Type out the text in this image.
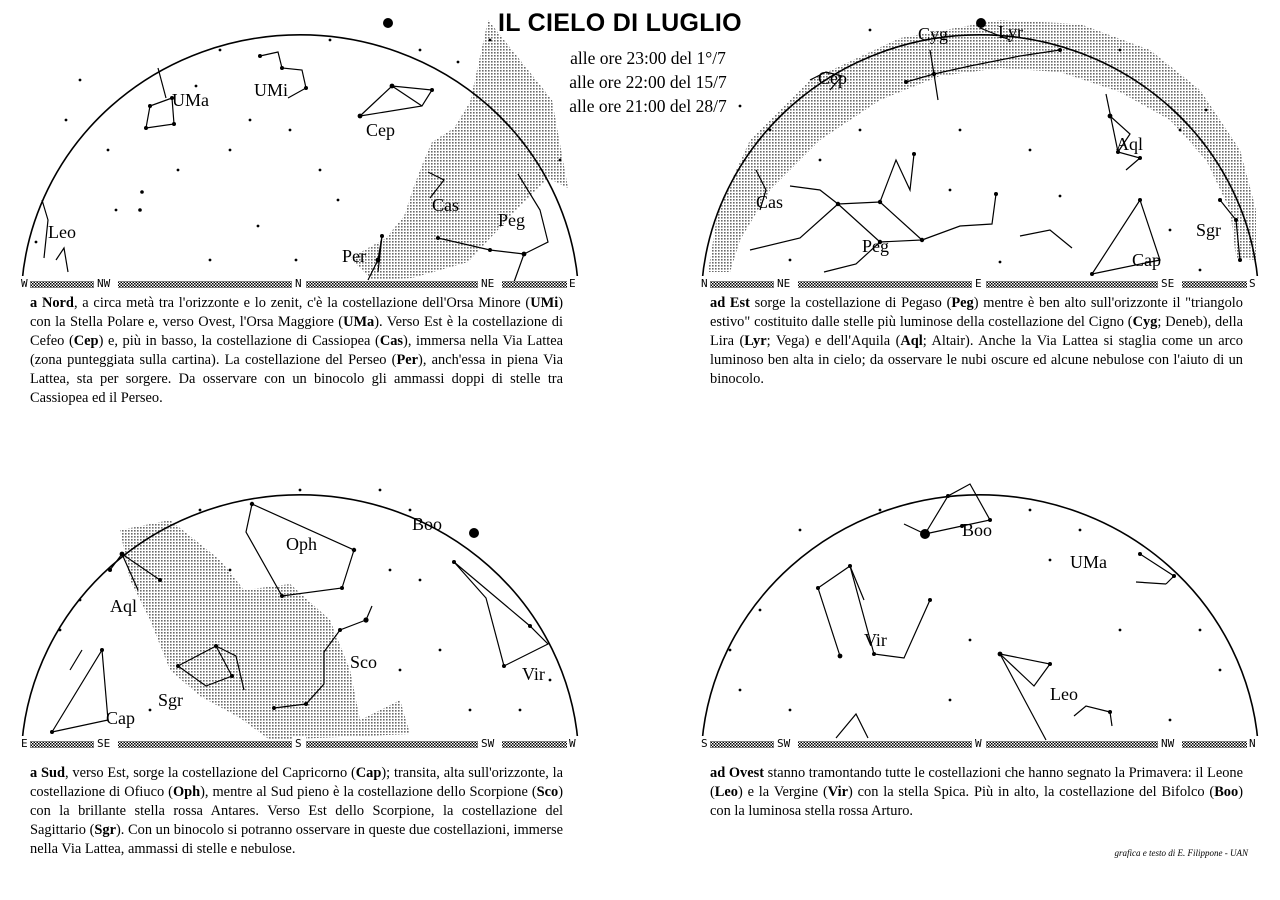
IL CIELO DI LUGLIO
alle ore 23:00 del 1°/7
alle ore 22:00 del 15/7
alle ore 21:00 del 28/7
W	NW	N	NE	E
UMa	UMi
Cep
Cas
Peg
Leo
Per
a Nord, a circa metà tra l'orizzonte e lo zenit, c'è la costellazione dell'Orsa Minore (UMi) con la Stella Polare e, verso Ovest, l'Orsa Maggiore (UMa). Verso Est è la costellazione di Cefeo (Cep) e, più in basso, la costellazione di Cassiopea (Cas), immersa nella Via Lattea (zona punteggiata sulla cartina). La costellazione del Perseo (Per), anch'essa in piena Via Lattea, sta per sorgere. Da osservare con un binocolo gli ammassi doppi di stelle tra Cassiopea ed il Perseo.
N	NE	E	SE	S
Cyg	Lyr
Cep
Aql
Cas
Peg
Sgr
Cap
ad Est sorge la costellazione di Pegaso (Peg) mentre è ben alto sull'orizzonte il "triangolo estivo" costituito dalle stelle più luminose della costellazione del Cigno (Cyg; Deneb), della Lira (Lyr; Vega) e dell'Aquila (Aql; Altair). Anche la Via Lattea si staglia come un arco luminoso ben alta in cielo; da osservare le nubi oscure ed alcune nebulose con l'aiuto di un binocolo.
E	SE	S	SW	W
Oph
Boo
Aql
Sco
Vir
Sgr
Cap
a Sud, verso Est, sorge la costellazione del Capricorno (Cap); transita, alta sull'orizzonte, la costellazione di Ofiuco (Oph), mentre al Sud pieno è la costellazione dello Scorpione (Sco) con la brillante stella rossa Antares. Verso Est dello Scorpione, la costellazione del Sagittario (Sgr). Con un binocolo si potranno osservare in queste due costellazioni, immerse nella Via Lattea, ammassi di stelle e nebulose.
S	SW	W	NW	N
Boo
UMa
Vir
Leo
ad Ovest stanno tramontando tutte le costellazioni che hanno segnato la Primavera: il Leone (Leo) e la Vergine (Vir) con la stella Spica. Più in alto, la costellazione del Bifolco (Boo) con la luminosa stella rossa Arturo.
grafica e testo di E. Filippone - UAN
